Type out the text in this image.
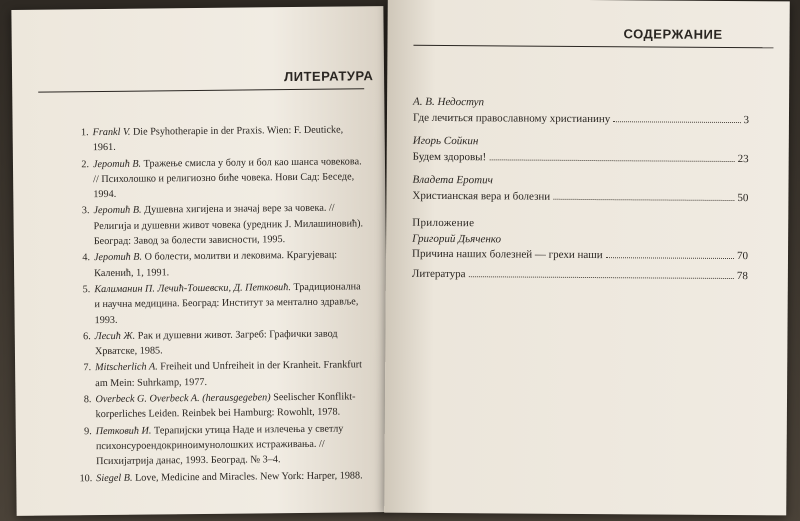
ЛИТЕРАТУРА
1. Frankl V. Die Psyhotherapie in der Praxis. Wien: F. Deuticke, 1961.
2. Јеротић В. Тражење смисла у болу и бол као шанса човековa. // Психолошко и религиозно биће човека. Нови Сад: Беседе, 1994.
3. Јеротић В. Душевна хигијена и значај вере за човека. // Религија и душевни живот човека (уредник Ј. Милашиновић). Београд: Завод за болести зависности, 1995.
4. Јеротић В. О болести, молитви и лековима. Крагујевац: Каленић, 1, 1991.
5. Калиманин П. Лечић-Тошевски, Д. Петковић. Традиционална и научна медицина. Београд: Институт за ментално здравље, 1993.
6. Лесић Ж. Рак и душевни живот. Загреб: Графички завод Хрватске, 1985.
7. Mitscherlich A. Freiheit und Unfreiheit in der Kranheit. Frankfurt am Mein: Suhrkamp, 1977.
8. Overbeck G. Overbeck A. (herausgegeben) Seelischer Konflikt-korperliches Leiden. Reinbek bei Hamburg: Rowohlt, 1978.
9. Петковић И. Терапијски утица Наде и излечења у светлу психонсуроендокриноимунолошких истраживања. // Психијатрија данас, 1993. Београд. № 3–4.
10. Siegel B. Love, Medicine and Miracles. New York: Harper, 1988.
СОДЕРЖАНИЕ
А. В. Недоступ
Где лечиться православному христианину	3
Игорь Сойкин
Будем здоровы!	23
Владета Еротич
Христианская вера и болезни	50
Приложение
Григорий Дьяченко
Причина наших болезней — грехи наши	70
Литература	78
